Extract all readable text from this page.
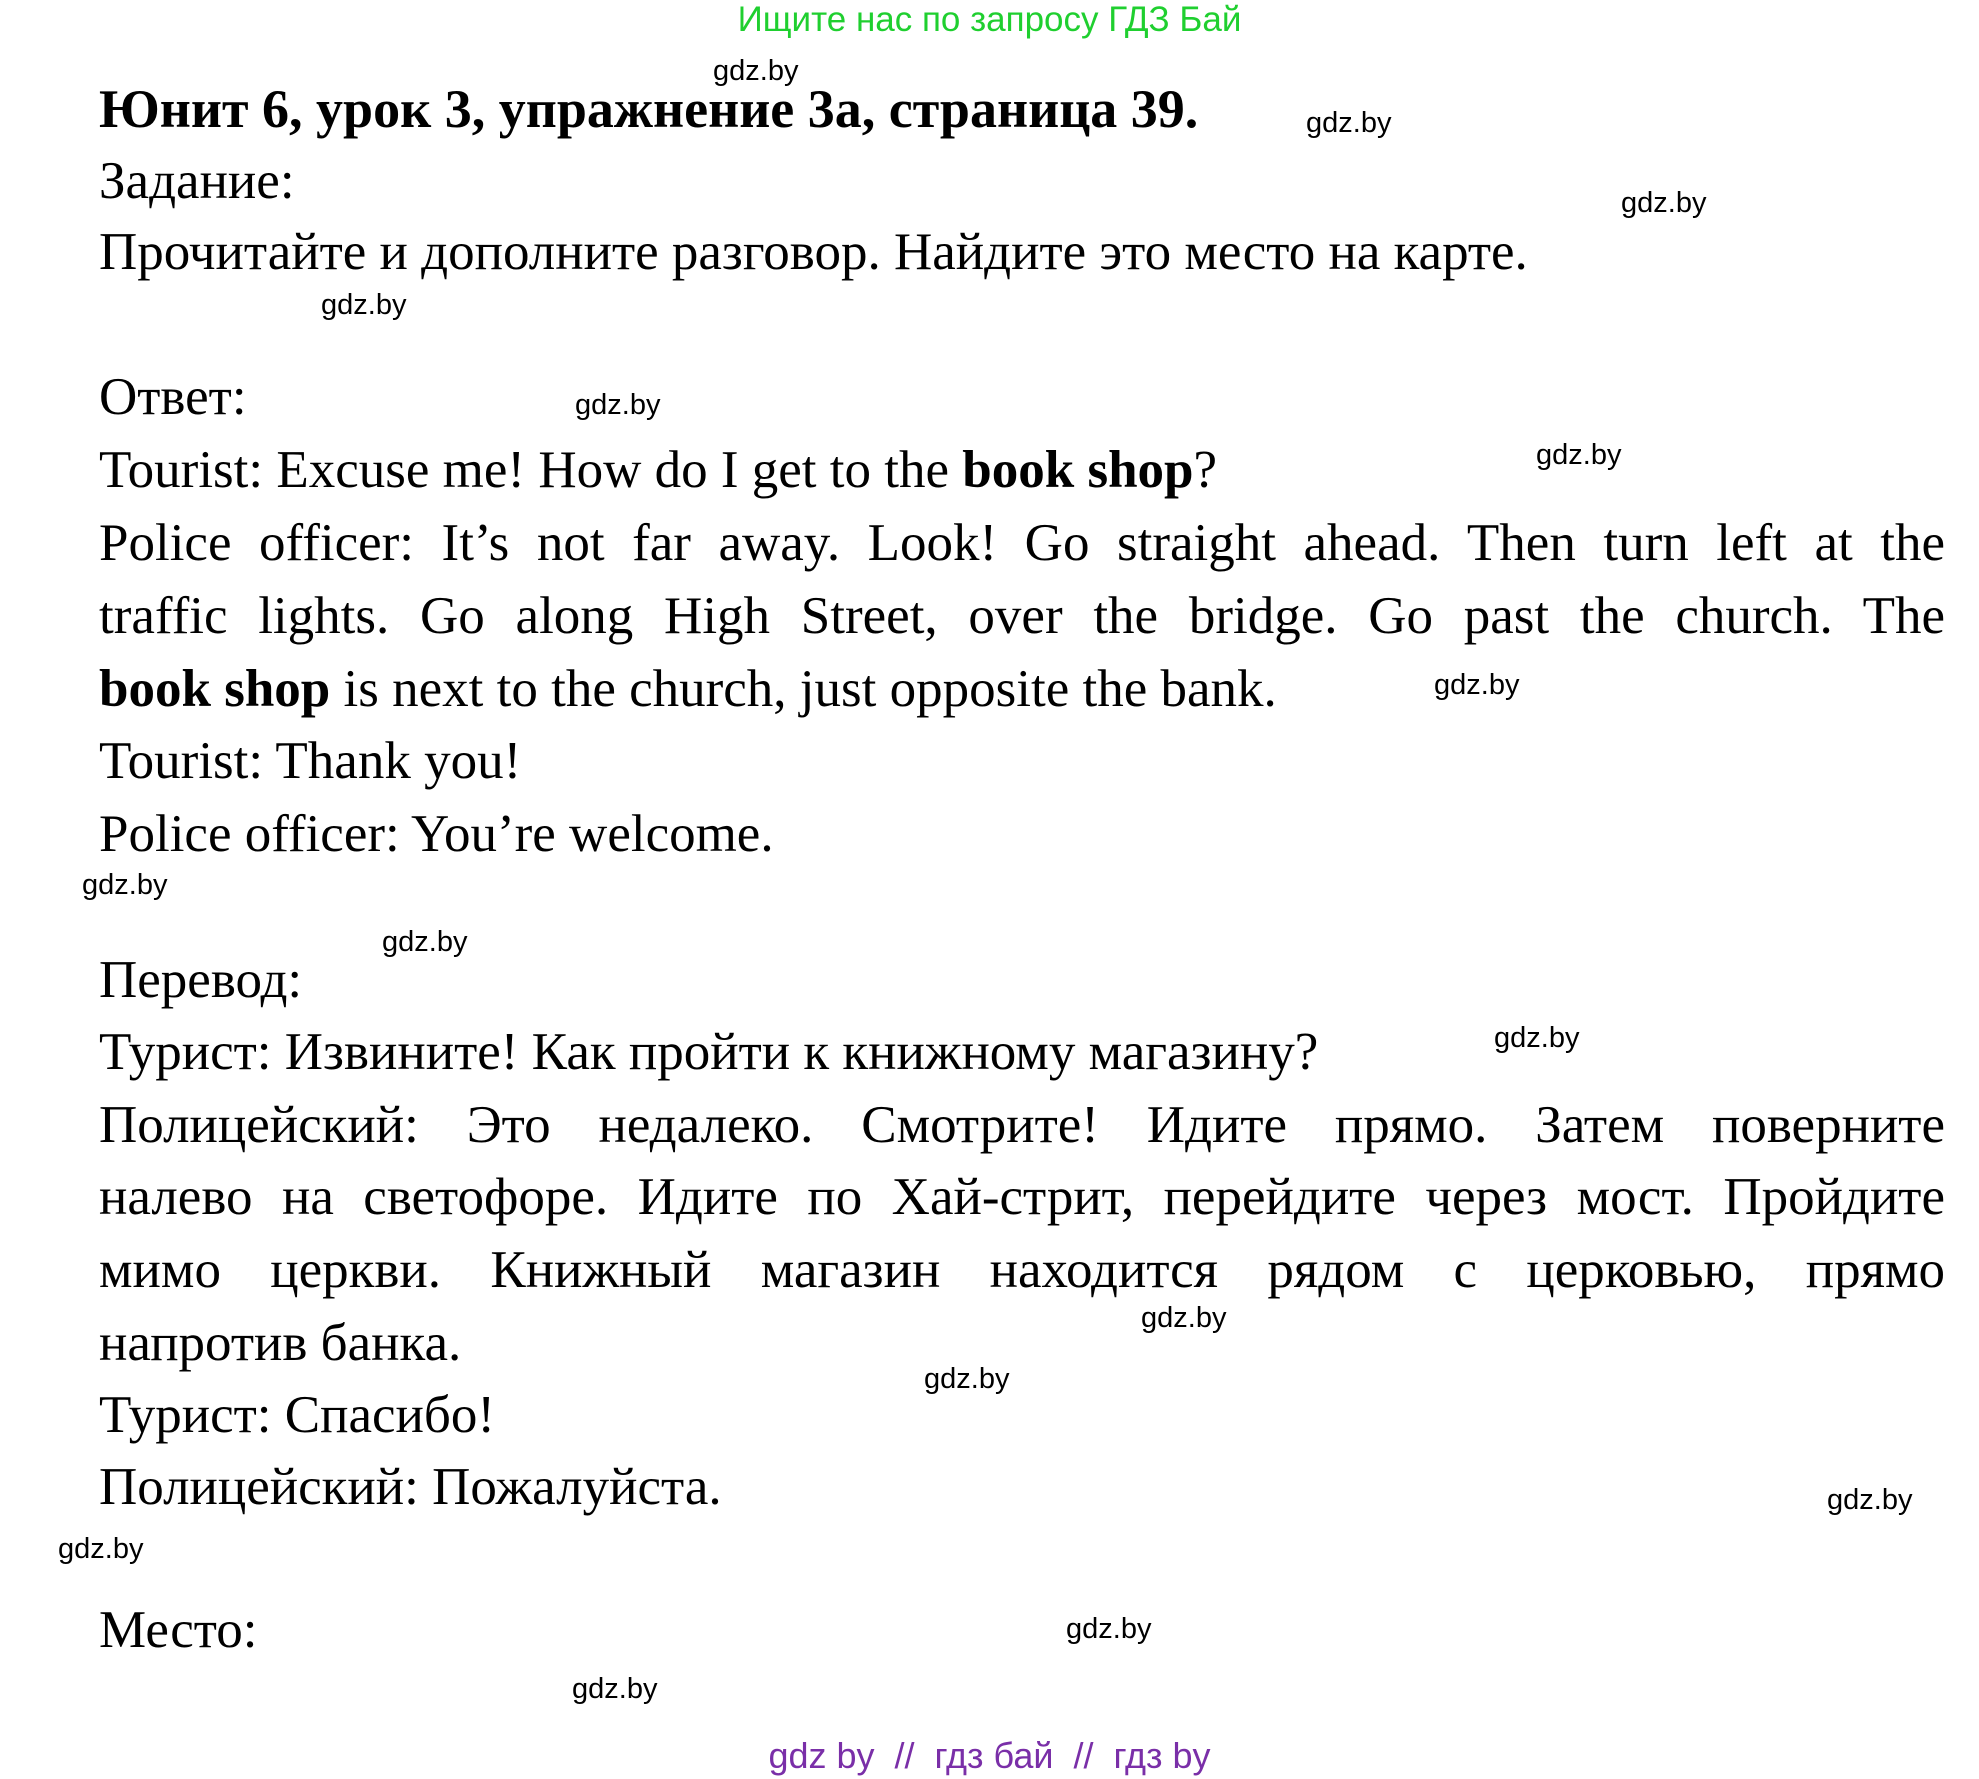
Ищите нас по запросу ГДЗ Бай
gdz.by
Юнит 6, урок 3, упражнение 3а, страница 39.	gdz.by
Задание:	gdz.by
Прочитайте и дополните разговор. Найдите это место на карте.
gdz.by
Ответ:	gdz.by
Tourist: Excuse me! How do I get to the book shop?	gdz.by
Police officer: It’s not far away. Look! Go straight ahead. Then turn left at the
traffic lights. Go along High Street, over the bridge. Go past the church. The
book shop is next to the church, just opposite the bank.	gdz.by
Tourist: Thank you!
Police officer: You’re welcome.
gdz.by
gdz.by
Перевод:
Турист: Извините! Как пройти к книжному магазину?	gdz.by
Полицейский: Это недалеко. Смотрите! Идите прямо. Затем поверните
налево на светофоре. Идите по Хай-стрит, перейдите через мост. Пройдите
мимо церкви. Книжный магазин находится рядом с церковью, прямо
gdz.by
напротив банка.
gdz.by
Турист: Спасибо!
Полицейский: Пожалуйста.	gdz.by
gdz.by
Место:	gdz.by
gdz.by
gdz by  //  гдз бай  //  гдз by
